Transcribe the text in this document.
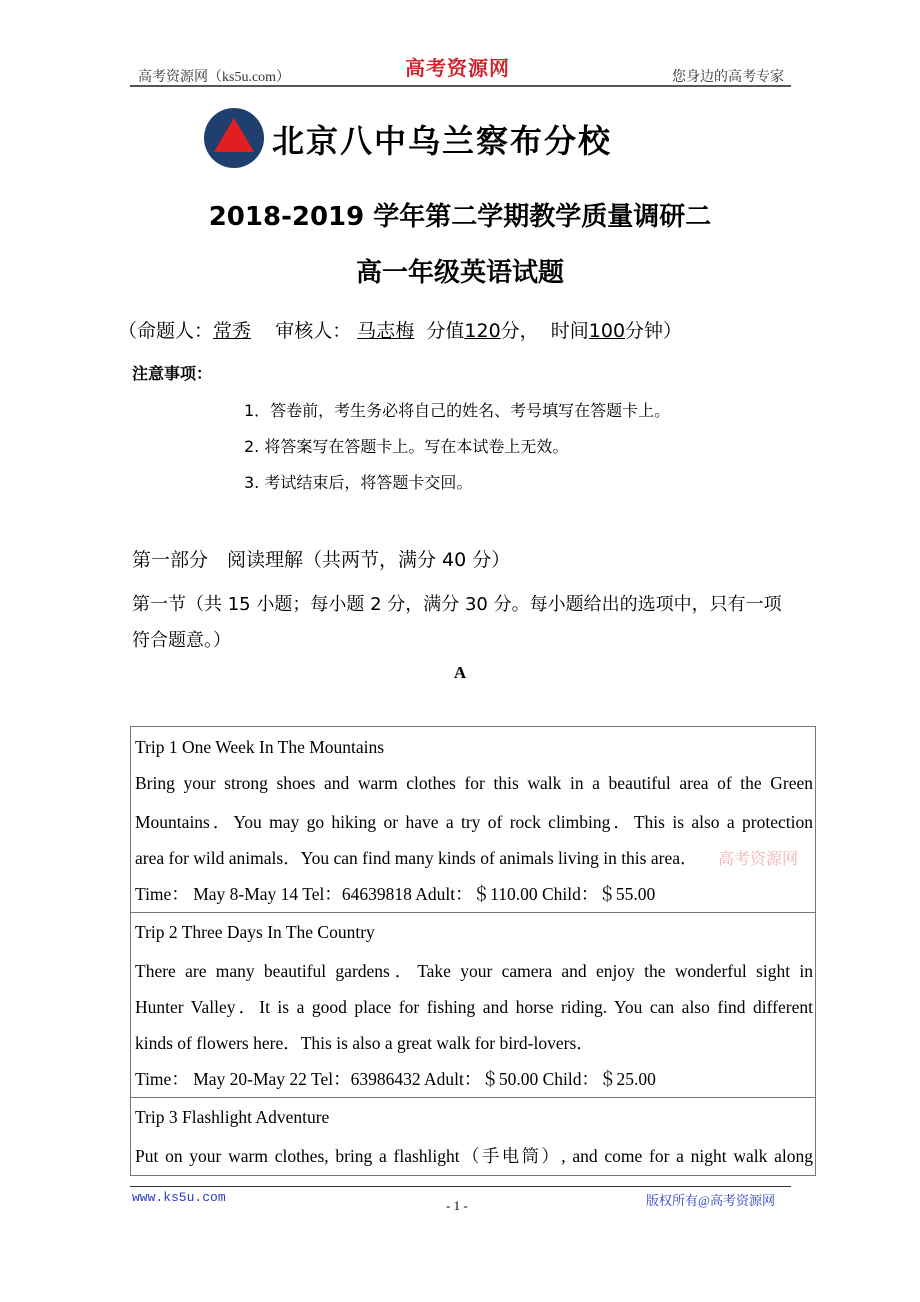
高考资源网（ks5u.com）	高考资源网	您身边的高考专家
北京八中乌兰察布分校
2018-2019 学年第二学期教学质量调研二
高一年级英语试题
（命题人：常秀 审核人： 马志梅 分值120分， 时间100分钟）
注意事项：
1．答卷前，考生务必将自己的姓名、考号填写在答题卡上。
2. 将答案写在答题卡上。写在本试卷上无效。
3. 考试结束后，将答题卡交回。
第一部分　阅读理解（共两节，满分 40 分）
第一节（共 15 小题；每小题 2 分，满分 30 分。每小题给出的选项中，只有一项
符合题意。）
A
Trip 1 One Week In The Mountains
Bring your strong shoes and warm clothes for this walk in a beautiful area of the Green
Mountains．You may go hiking or have a try of rock climbing．This is also a protection
area for wild animals．You can find many kinds of animals living in this area．
Time： May 8-May 14 Tel：64639818 Adult：＄110.00 Child：＄55.00
Trip 2 Three Days In The Country
There are many beautiful gardens．Take your camera and enjoy the wonderful sight in
Hunter Valley．It is a good place for fishing and horse riding. You can also find different
kinds of flowers here．This is also a great walk for bird-lovers．
Time： May 20-May 22 Tel：63986432 Adult：＄50.00 Child：＄25.00
Trip 3 Flashlight Adventure
Put on your warm clothes, bring a flashlight（手电筒）, and come for a night walk along
高考资源网
www.ks5u.com
- 1 -	版权所有@高考资源网
